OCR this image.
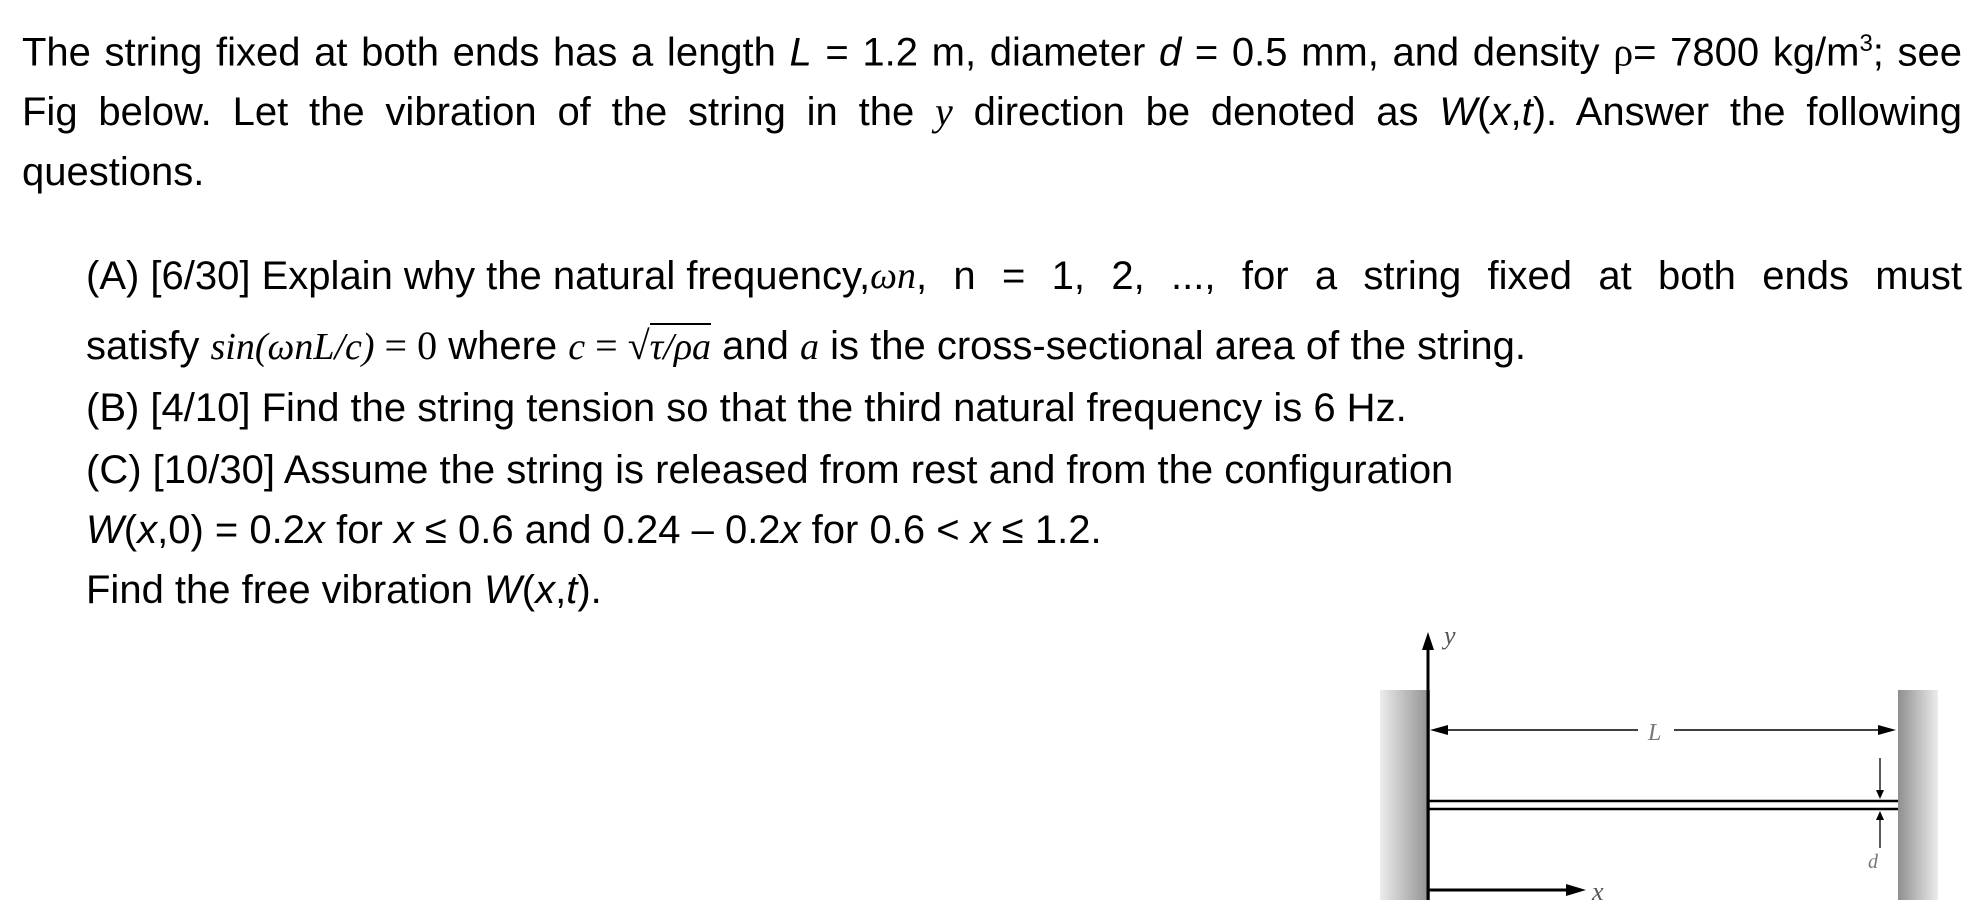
The string fixed at both ends has a length L = 1.2 m, diameter d = 0.5 mm, and density ρ= 7800 $kg/m^3$; see Fig below. Let the vibration of the string in the y direction be denoted as W(x,t). Answer the following questions.
(A) [6/30] Explain why the natural frequency, ωn , n = 1, 2, ..., for a string fixed at both ends must
satisfy sin(ωnL/c) = 0 where c = √τ/ρa and a is the cross-sectional area of the string.
(B) [4/10] Find the string tension so that the third natural frequency is 6 Hz.
(C) [10/30] Assume the string is released from rest and from the configuration
W(x,0) = 0.2x for x ≤ 0.6 and 0.24 – 0.2x for 0.6 < x ≤ 1.2.
Find the free vibration W(x,t).
y
L
d
x
